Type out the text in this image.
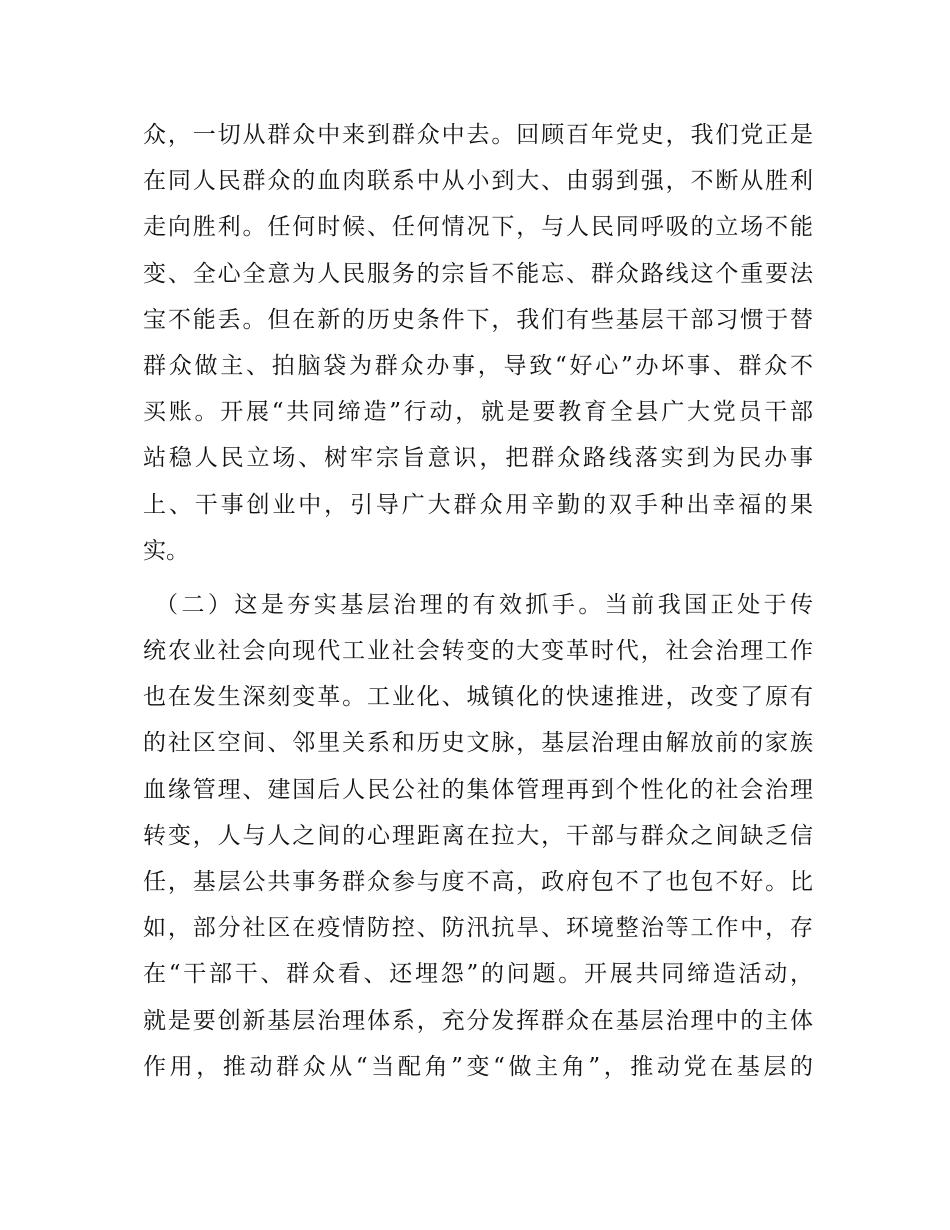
众，一切从群众中来到群众中去。回顾百年党史，我们党正是
在同人民群众的血肉联系中从小到大、由弱到强，不断从胜利
走向胜利。任何时候、任何情况下，与人民同呼吸的立场不能
变、全心全意为人民服务的宗旨不能忘、群众路线这个重要法
宝不能丢。但在新的历史条件下，我们有些基层干部习惯于替
群众做主、拍脑袋为群众办事，导致“好心”办坏事、群众不
买账。开展“共同缔造”行动，就是要教育全县广大党员干部
站稳人民立场、树牢宗旨意识，把群众路线落实到为民办事
上、干事创业中，引导广大群众用辛勤的双手种出幸福的果
实。
（二）这是夯实基层治理的有效抓手。当前我国正处于传
统农业社会向现代工业社会转变的大变革时代，社会治理工作
也在发生深刻变革。工业化、城镇化的快速推进，改变了原有
的社区空间、邻里关系和历史文脉，基层治理由解放前的家族
血缘管理、建国后人民公社的集体管理再到个性化的社会治理
转变，人与人之间的心理距离在拉大，干部与群众之间缺乏信
任，基层公共事务群众参与度不高，政府包不了也包不好。比
如，部分社区在疫情防控、防汛抗旱、环境整治等工作中，存
在“干部干、群众看、还埋怨”的问题。开展共同缔造活动，
就是要创新基层治理体系，充分发挥群众在基层治理中的主体
作用，推动群众从“当配角”变“做主角”，推动党在基层的
